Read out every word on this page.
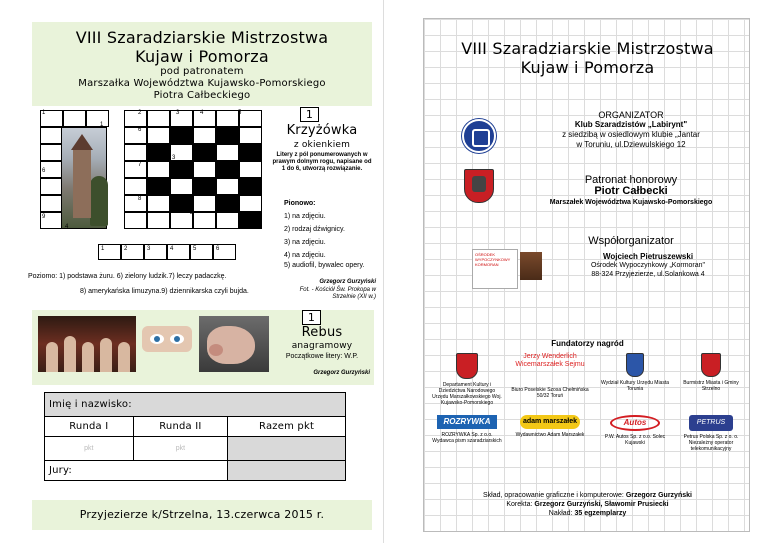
VIII Szaradziarskie Mistrzostwa
Kujaw i Pomorza
pod patronatem
Marszałka Województwa Kujawsko-Pomorskiego
Piotra Całbeckiego
1	2	3	4	5
6
6
7
8
9
1
2
3
4
5
1	2	3	4	5	6

Poziomo: 1) podstawa żuru. 6) zielony ludzik.7) leczy padaczkę.

8) amerykańska limuzyna.9) dziennikarska czyli bujda.

1
Krzyżówka
z okienkiem
Litery z pól ponumerowanych w prawym dolnym rogu, napisane od 1 do 6, utworzą rozwiązanie.
Pionowo:
1) na zdjęciu.
2) rodzaj dźwignicy.
3) na zdjęciu.
4) na zdjęciu.
5) audiofil, bywalec opery.
Grzegorz Gurzyński
Fot. - Kościół Św. Prokopa w Strzelnie (XII w.)
1
Rebus
anagramowy
Początkowe litery: W.P.
Grzegorz Gurzyński
Imię i nazwisko:		
Runda I	Runda II	Razem pkt
pkt	pkt	
Jury:		
Przyjezierze k/Strzelna, 13.czerwca 2015 r.
VIII Szaradziarskie Mistrzostwa
Kujaw i Pomorza
ORGANIZATOR
Klub Szaradzistów „Labirynt"
z siedzibą w osiedlowym klubie „Jantar
w Toruniu, ul.Dziewulskiego 12
Patronat honorowy
Piotr Całbecki
Marszałek Województwa Kujawsko-Pomorskiego
Współorganizator
OŚRODEK WYPOCZYNKOWY KORMORAN
Wojciech Pietruszewski
Ośrodek Wypoczynkowy „Kormoran"
88-324 Przyjezierze, ul.Solankowa 4
Fundatorzy nagród
Departament Kultury i Dziedzictwa Narodowego Urzędu Marszałkowskiego Woj. Kujawsko-Pomorskiego
Jerzy Wenderlich Wicemarszałek Sejmu
Biuro Poselskie Szosa Chełmińska 50/32 Toruń
Wydział Kultury Urzędu Miasta Torunia
Burmistrz Miasta i Gminy Strzelno
ROZRYWKA
ROZRYWKA Sp. z o.o. Wydawca pism szaradziarskich
adam marszałek
Wydawnictwo Adam Marszałek
Autos
P.W. Autos Sp. z o.o. Solec Kujawski
PETRUS
Petrus Polska Sp. z o. o. Niezależny operator telekomunikacyjny
Skład, opracowanie graficzne i komputerowe: Grzegorz Gurzyński
Korekta: Grzegorz Gurzyński, Sławomir Prusiecki
Nakład: 35 egzemplarzy
